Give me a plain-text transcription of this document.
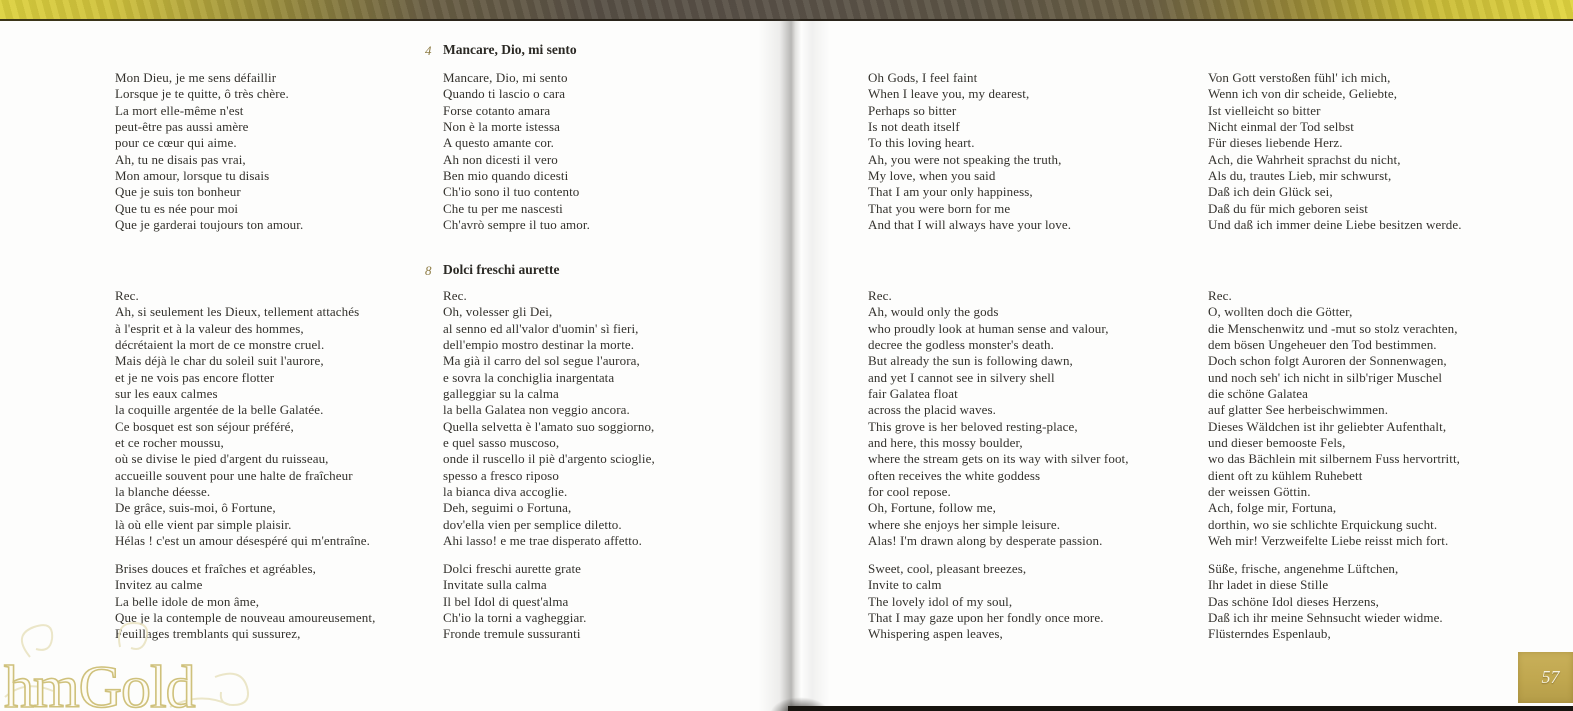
Mon Dieu, je me sens défaillir
Lorsque je te quitte, ô très chère.
La mort elle-même n'est
peut-être pas aussi amère
pour ce cœur qui aime.
Ah, tu ne disais pas vrai,
Mon amour, lorsque tu disais
Que je suis ton bonheur
Que tu es née pour moi
Que je garderai toujours ton amour.
Rec.
Ah, si seulement les Dieux, tellement attachés
à l'esprit et à la valeur des hommes,
décrétaient la mort de ce monstre cruel.
Mais déjà le char du soleil suit l'aurore,
et je ne vois pas encore flotter
sur les eaux calmes
la coquille argentée de la belle Galatée.
Ce bosquet est son séjour préféré,
et ce rocher moussu,
où se divise le pied d'argent du ruisseau,
accueille souvent pour une halte de fraîcheur
la blanche déesse.
De grâce, suis-moi, ô Fortune,
là où elle vient par simple plaisir.
Hélas ! c'est un amour désespéré qui m'entraîne.
Brises douces et fraîches et agréables,
Invitez au calme
La belle idole de mon âme,
Que je la contemple de nouveau amoureusement,
Feuillages tremblants qui sussurez,
4 Mancare, Dio, mi sento
Mancare, Dio, mi sento
Quando ti lascio o cara
Forse cotanto amara
Non è la morte istessa
A questo amante cor.
Ah non dicesti il vero
Ben mio quando dicesti
Ch'io sono il tuo contento
Che tu per me nascesti
Ch'avrò sempre il tuo amor.
8 Dolci freschi aurette
Rec.
Oh, volesser gli Dei,
al senno ed all'valor d'uomin' sì fieri,
dell'empio mostro destinar la morte.
Ma già il carro del sol segue l'aurora,
e sovra la conchiglia inargentata
galleggiar su la calma
la bella Galatea non veggio ancora.
Quella selvetta è l'amato suo soggiorno,
e quel sasso muscoso,
onde il ruscello il piè d'argento scioglie,
spesso a fresco riposo
la bianca diva accoglie.
Deh, seguimi o Fortuna,
dov'ella vien per semplice diletto.
Ahi lasso! e me trae disperato affetto.
Dolci freschi aurette grate
Invitate sulla calma
Il bel Idol di quest'alma
Ch'io la torni a vagheggiar.
Fronde tremule sussuranti
Oh Gods, I feel faint
When I leave you, my dearest,
Perhaps so bitter
Is not death itself
To this loving heart.
Ah, you were not speaking the truth,
My love, when you said
That I am your only happiness,
That you were born for me
And that I will always have your love.
Rec.
Ah, would only the gods
who proudly look at human sense and valour,
decree the godless monster's death.
But already the sun is following dawn,
and yet I cannot see in silvery shell
fair Galatea float
across the placid waves.
This grove is her beloved resting-place,
and here, this mossy boulder,
where the stream gets on its way with silver foot,
often receives the white goddess
for cool repose.
Oh, Fortune, follow me,
where she enjoys her simple leisure.
Alas! I'm drawn along by desperate passion.
Sweet, cool, pleasant breezes,
Invite to calm
The lovely idol of my soul,
That I may gaze upon her fondly once more.
Whispering aspen leaves,
Von Gott verstoßen fühl' ich mich,
Wenn ich von dir scheide, Geliebte,
Ist vielleicht so bitter
Nicht einmal der Tod selbst
Für dieses liebende Herz.
Ach, die Wahrheit sprachst du nicht,
Als du, trautes Lieb, mir schwurst,
Daß ich dein Glück sei,
Daß du für mich geboren seist
Und daß ich immer deine Liebe besitzen werde.
Rec.
O, wollten doch die Götter,
die Menschenwitz und -mut so stolz verachten,
dem bösen Ungeheuer den Tod bestimmen.
Doch schon folgt Auroren der Sonnenwagen,
und noch seh' ich nicht in silb'riger Muschel
die schöne Galatea
auf glatter See herbeischwimmen.
Dieses Wäldchen ist ihr geliebter Aufenthalt,
und dieser bemooste Fels,
wo das Bächlein mit silbernem Fuss hervortritt,
dient oft zu kühlem Ruhebett
der weissen Göttin.
Ach, folge mir, Fortuna,
dorthin, wo sie schlichte Erquickung sucht.
Weh mir! Verzweifelte Liebe reisst mich fort.
Süße, frische, angenehme Lüftchen,
Ihr ladet in diese Stille
Das schöne Idol dieses Herzens,
Daß ich ihr meine Sehnsucht wieder widme.
Flüsterndes Espenlaub,
hmGold	57
